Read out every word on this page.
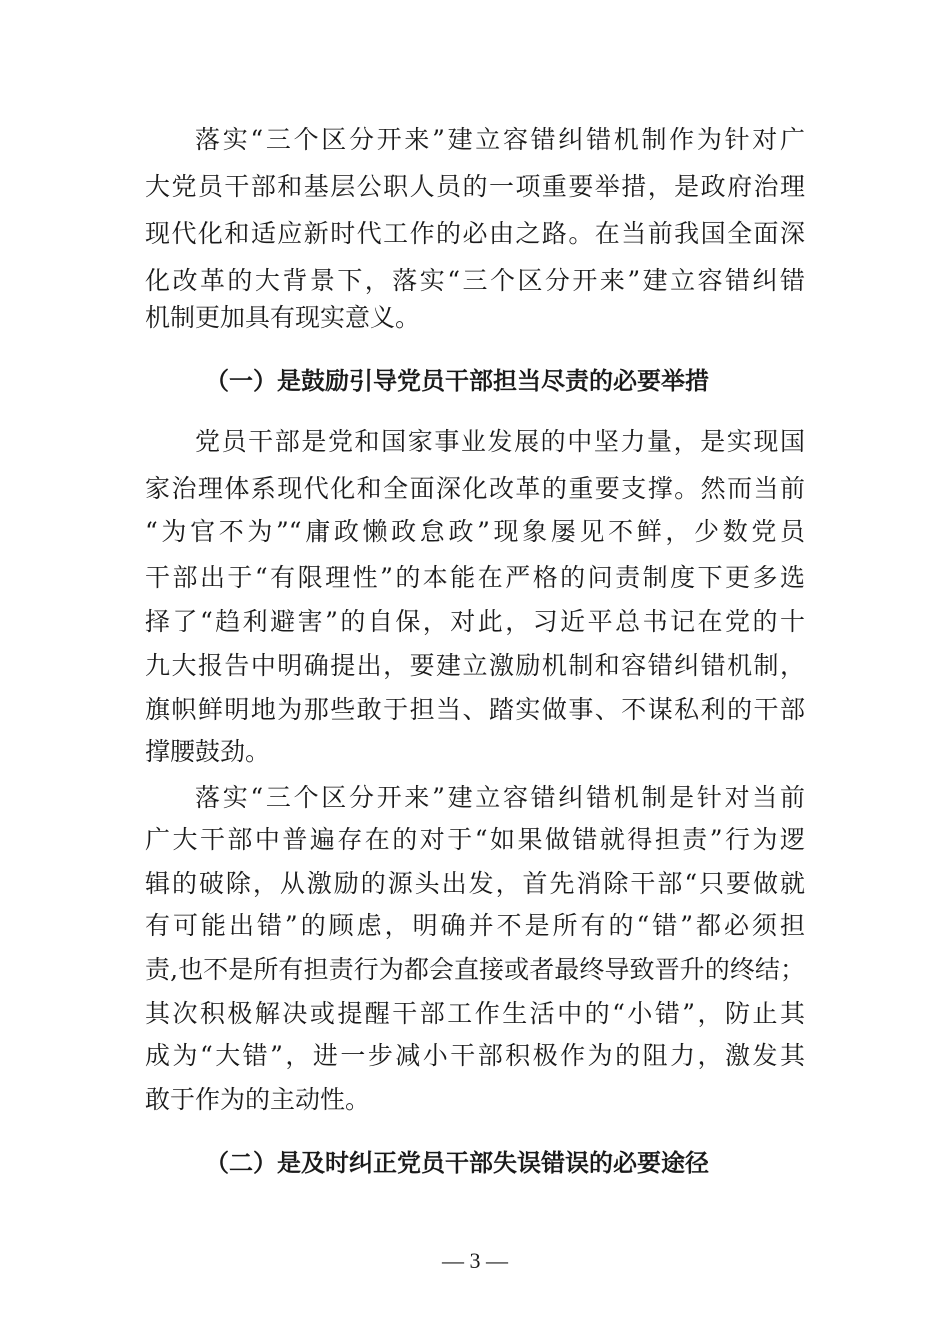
落实“三个区分开来”建立容错纠错机制作为针对广
大党员干部和基层公职人员的一项重要举措，是政府治理
现代化和适应新时代工作的必由之路。在当前我国全面深
化改革的大背景下，落实“三个区分开来”建立容错纠错
机制更加具有现实意义。
（一）是鼓励引导党员干部担当尽责的必要举措
党员干部是党和国家事业发展的中坚力量，是实现国
家治理体系现代化和全面深化改革的重要支撑。然而当前
“为官不为”“庸政懒政怠政”现象屡见不鲜，少数党员
干部出于“有限理性”的本能在严格的问责制度下更多选
择了“趋利避害”的自保，对此，习近平总书记在党的十
九大报告中明确提出，要建立激励机制和容错纠错机制，
旗帜鲜明地为那些敢于担当、踏实做事、不谋私利的干部
撑腰鼓劲。
落实“三个区分开来”建立容错纠错机制是针对当前
广大干部中普遍存在的对于“如果做错就得担责”行为逻
辑的破除，从激励的源头出发，首先消除干部“只要做就
有可能出错”的顾虑，明确并不是所有的“错”都必须担
责,也不是所有担责行为都会直接或者最终导致晋升的终结；
其次积极解决或提醒干部工作生活中的“小错”，防止其
成为“大错”，进一步减小干部积极作为的阻力，激发其
敢于作为的主动性。
（二）是及时纠正党员干部失误错误的必要途径
— 3 —
